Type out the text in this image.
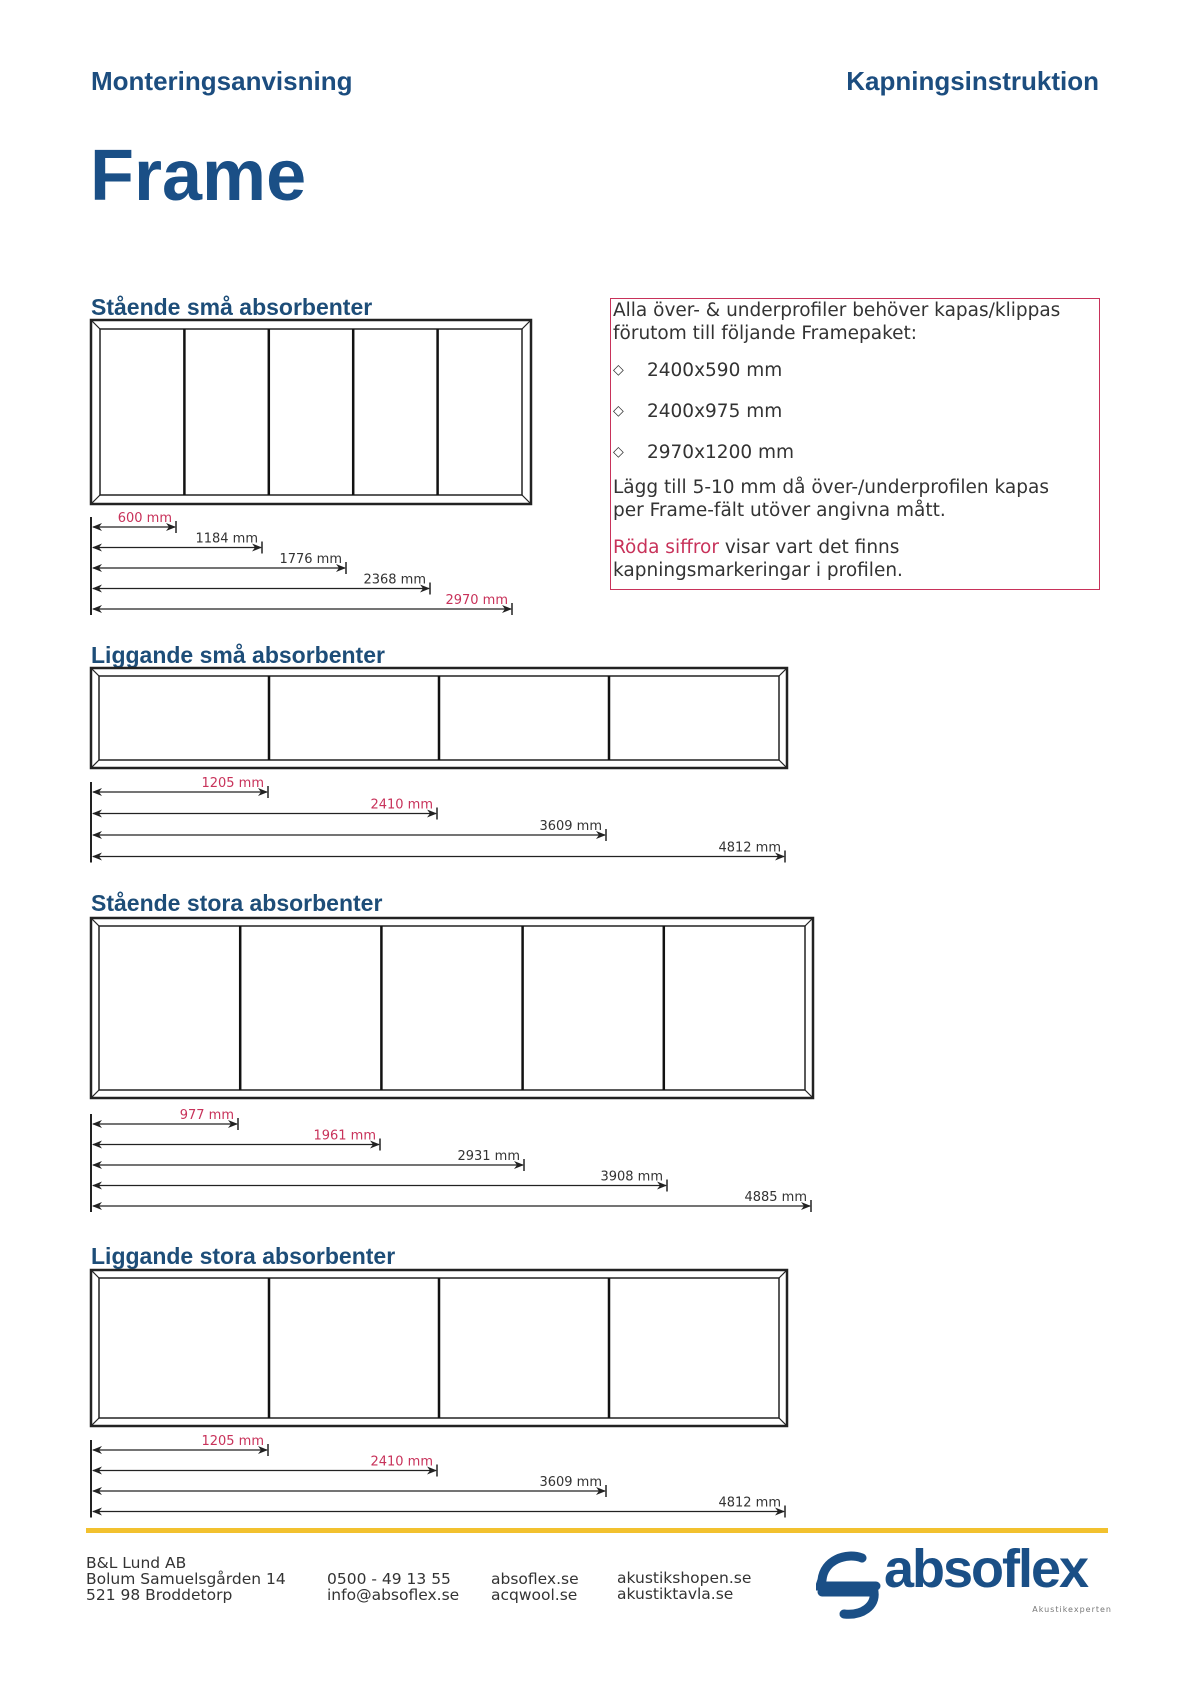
Monteringsanvisning	Kapningsinstruktion
Frame
Stående små absorbenter
Liggande små absorbenter
Stående stora absorbenter
Liggande stora absorbenter
600 mm
1184 mm
1776 mm
2368 mm
2970 mm
1205 mm
2410 mm
3609 mm
4812 mm
977 mm
1961 mm
2931 mm
3908 mm
4885 mm
1205 mm
2410 mm
3609 mm
4812 mm

Alla över- & underprofiler behöver kapas/klippas

förutom till följande Framepaket:

◇	2400x590 mm
◇	2400x975 mm
◇	2970x1200 mm

Lägg till 5-10 mm då över-/underprofilen kapas

per Frame-fält utöver angivna mått.

Röda siffror visar vart det finns

kapningsmarkeringar i profilen.

B&L Lund AB
Bolum Samuelsgården 14
521 98 Broddetorp
0500 - 49 13 55
info@absoflex.se
absoflex.se
acqwool.se
akustikshopen.se
akustiktavla.se	absoflex
Akustikexperten
